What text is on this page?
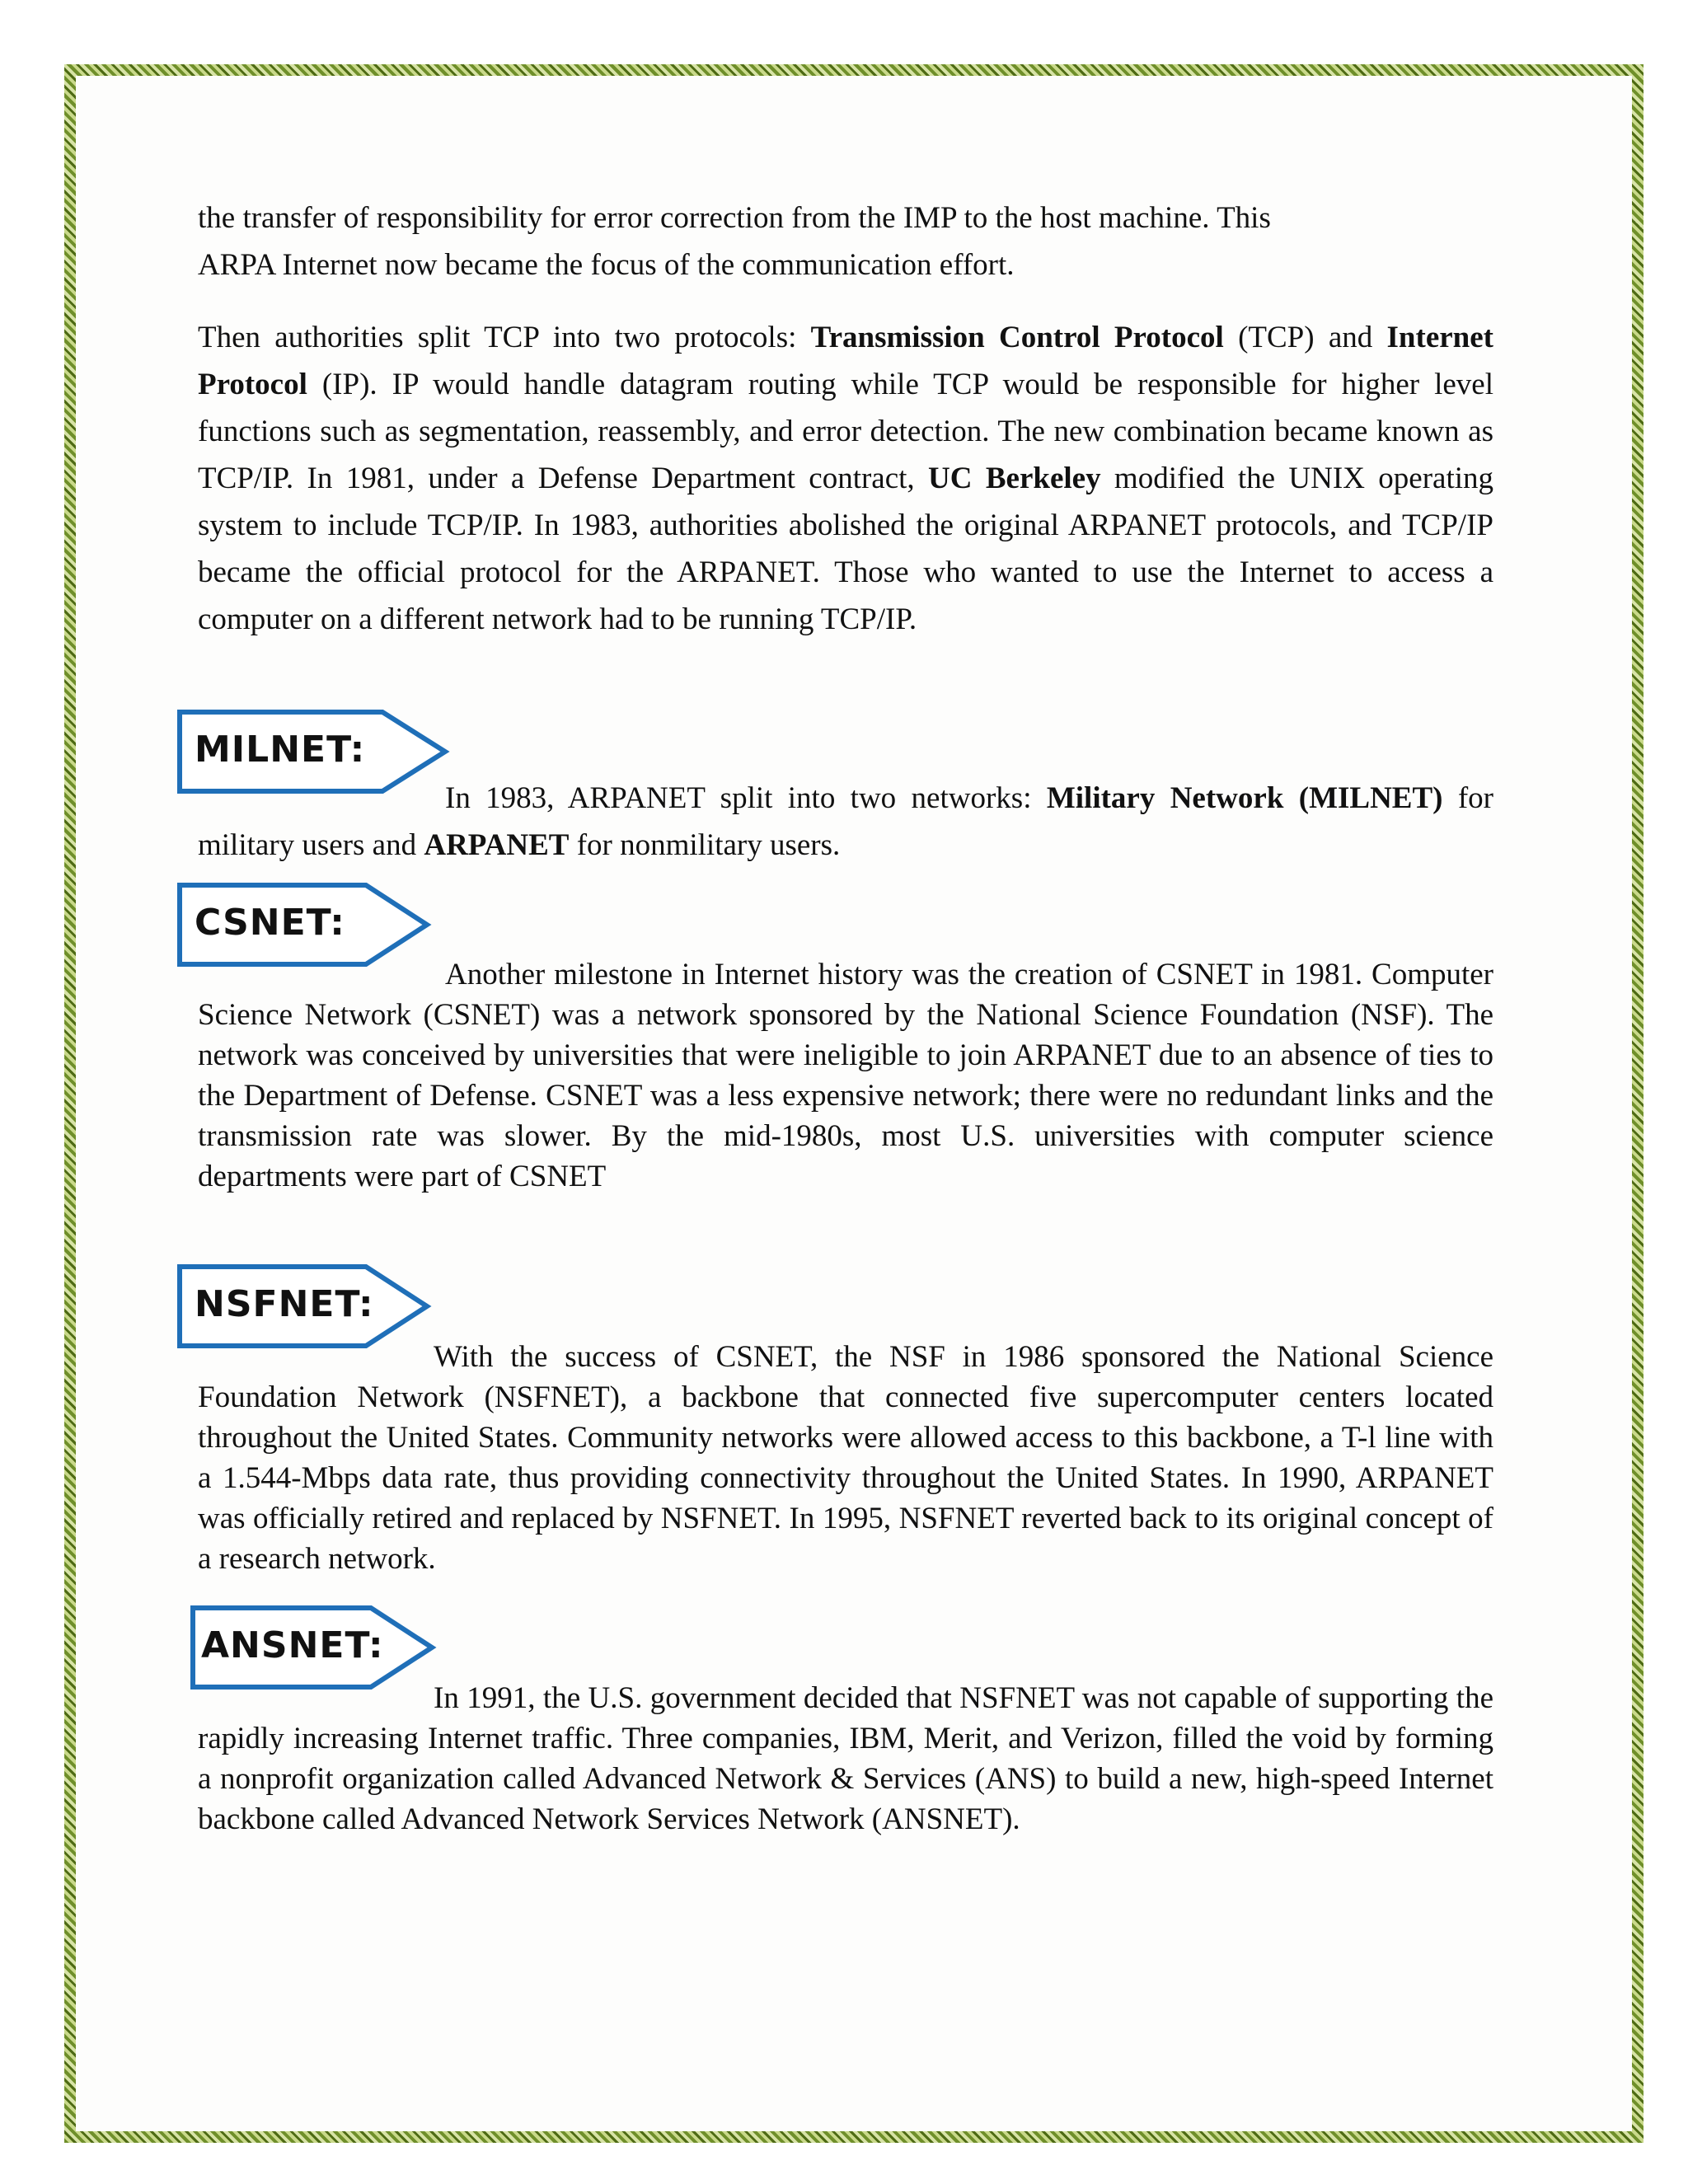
the transfer of responsibility for error correction from the IMP to the host machine. This
ARPA Internet now became the focus of the communication effort.

Then authorities split TCP into two protocols: Transmission Control Protocol (TCP) and Internet Protocol (IP). IP would handle datagram routing while TCP would be responsible for higher level functions such as segmentation, reassembly, and error detection. The new combination became known as TCP/IP. In 1981, under a Defense Department contract, UC Berkeley modified the UNIX operating system to include TCP/IP. In 1983, authorities abolished the original ARPANET protocols, and TCP/IP became the official protocol for the ARPANET. Those who wanted to use the Internet to access a computer on a different network had to be running TCP/IP.

MILNET:

In 1983, ARPANET split into two networks: Military Network (MILNET) for military users and ARPANET for nonmilitary users.

CSNET:

Another milestone in Internet history was the creation of CSNET in 1981. Computer Science Network (CSNET) was a network sponsored by the National Science Foundation (NSF). The network was conceived by universities that were ineligible to join ARPANET due to an absence of ties to the Department of Defense. CSNET was a less expensive network; there were no redundant links and the transmission rate was slower. By the mid-1980s, most U.S. universities with computer science departments were part of CSNET

NSFNET:

With the success of CSNET, the NSF in 1986 sponsored the National Science Foundation Network (NSFNET), a backbone that connected five supercomputer centers located throughout the United States. Community networks were allowed access to this backbone, a T-l line with a 1.544-Mbps data rate, thus providing connectivity throughout the United States. In 1990, ARPANET was officially retired and replaced by NSFNET. In 1995, NSFNET reverted back to its original concept of a research network.

ANSNET:

In 1991, the U.S. government decided that NSFNET was not capable of supporting the rapidly increasing Internet traffic. Three companies, IBM, Merit, and Verizon, filled the void by forming a nonprofit organization called Advanced Network & Services (ANS) to build a new, high-speed Internet backbone called Advanced Network Services Network (ANSNET).
